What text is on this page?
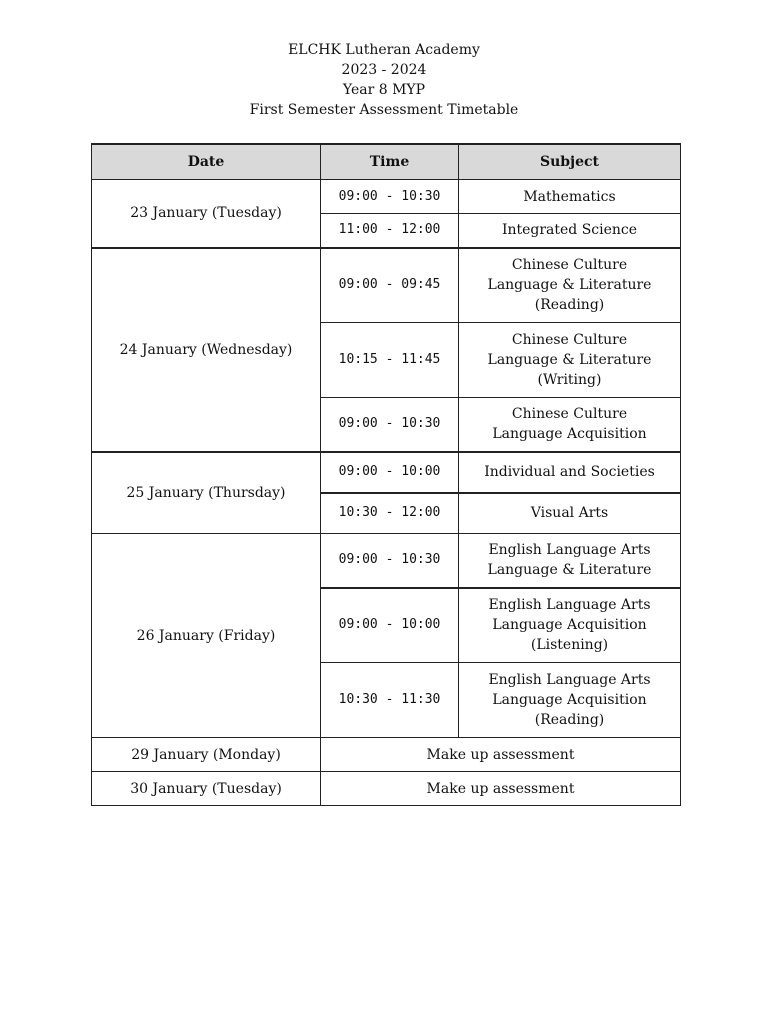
ELCHK Lutheran Academy
2023 - 2024
Year 8 MYP
First Semester Assessment Timetable
Date	Time	Subject
23 January (Tuesday)	09:00 - 10:30	Mathematics

	11:00 - 12:00	Integrated Science

24 January (Wednesday)	09:00 - 09:45	Chinese Culture
Language & Literature
(Reading)

	10:15 - 11:45	Chinese Culture
Language & Literature
(Writing)

	09:00 - 10:30	Chinese Culture
Language Acquisition

25 January (Thursday)	09:00 - 10:00	Individual and Societies

	10:30 - 12:00	Visual Arts

26 January (Friday)	09:00 - 10:30	English Language Arts
Language & Literature

	09:00 - 10:00	English Language Arts
Language Acquisition
(Listening)

	10:30 - 11:30	English Language Arts
Language Acquisition
(Reading)

29 January (Monday)	Make up assessment	
30 January (Tuesday)	Make up assessment	
